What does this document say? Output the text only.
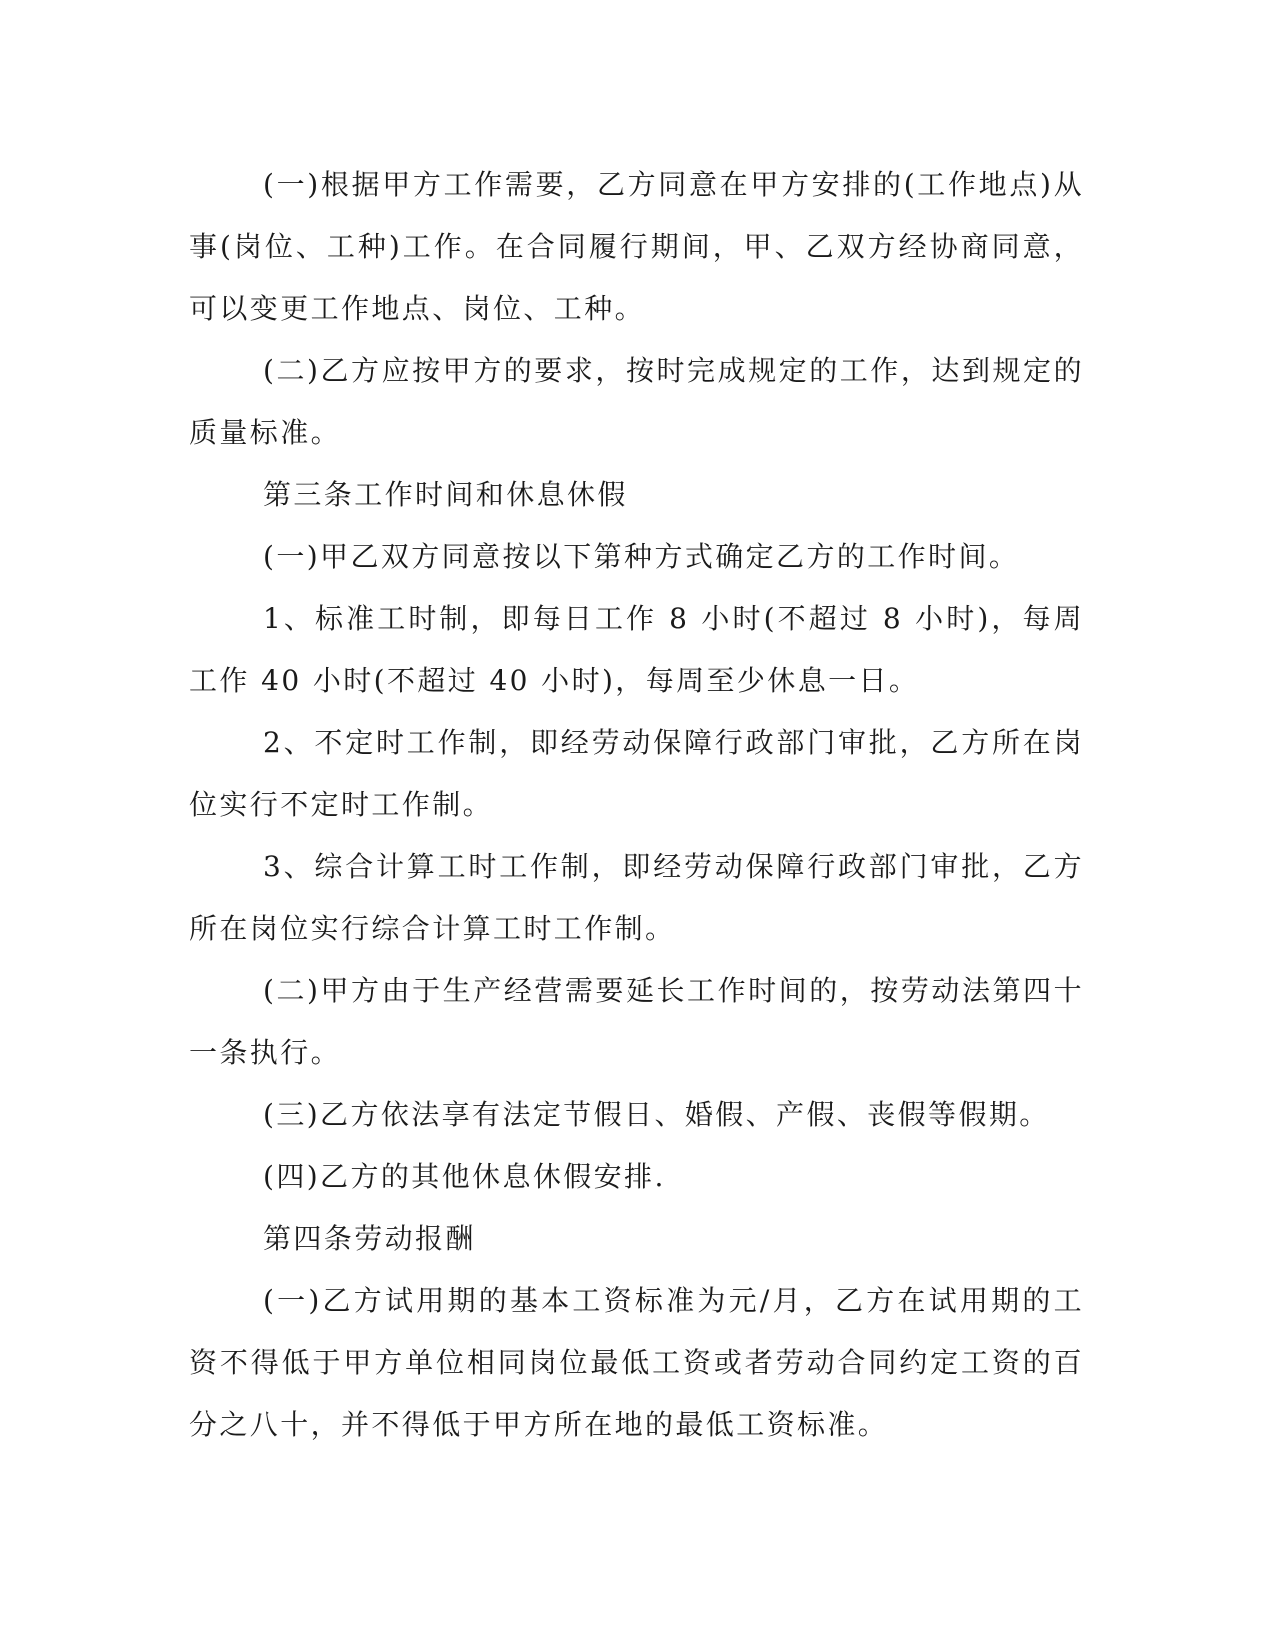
(一)根据甲方工作需要，乙方同意在甲方安排的(工作地点)从事(岗位、工种)工作。在合同履行期间，甲、乙双方经协商同意，可以变更工作地点、岗位、工种。

(二)乙方应按甲方的要求，按时完成规定的工作，达到规定的质量标准。

第三条工作时间和休息休假

(一)甲乙双方同意按以下第种方式确定乙方的工作时间。

1、标准工时制，即每日工作 8 小时(不超过 8 小时)，每周工作 40 小时(不超过 40 小时)，每周至少休息一日。

2、不定时工作制，即经劳动保障行政部门审批，乙方所在岗位实行不定时工作制。

3、综合计算工时工作制，即经劳动保障行政部门审批，乙方所在岗位实行综合计算工时工作制。

(二)甲方由于生产经营需要延长工作时间的，按劳动法第四十一条执行。

(三)乙方依法享有法定节假日、婚假、产假、丧假等假期。

(四)乙方的其他休息休假安排.

第四条劳动报酬

(一)乙方试用期的基本工资标准为元/月，乙方在试用期的工资不得低于甲方单位相同岗位最低工资或者劳动合同约定工资的百分之八十，并不得低于甲方所在地的最低工资标准。
